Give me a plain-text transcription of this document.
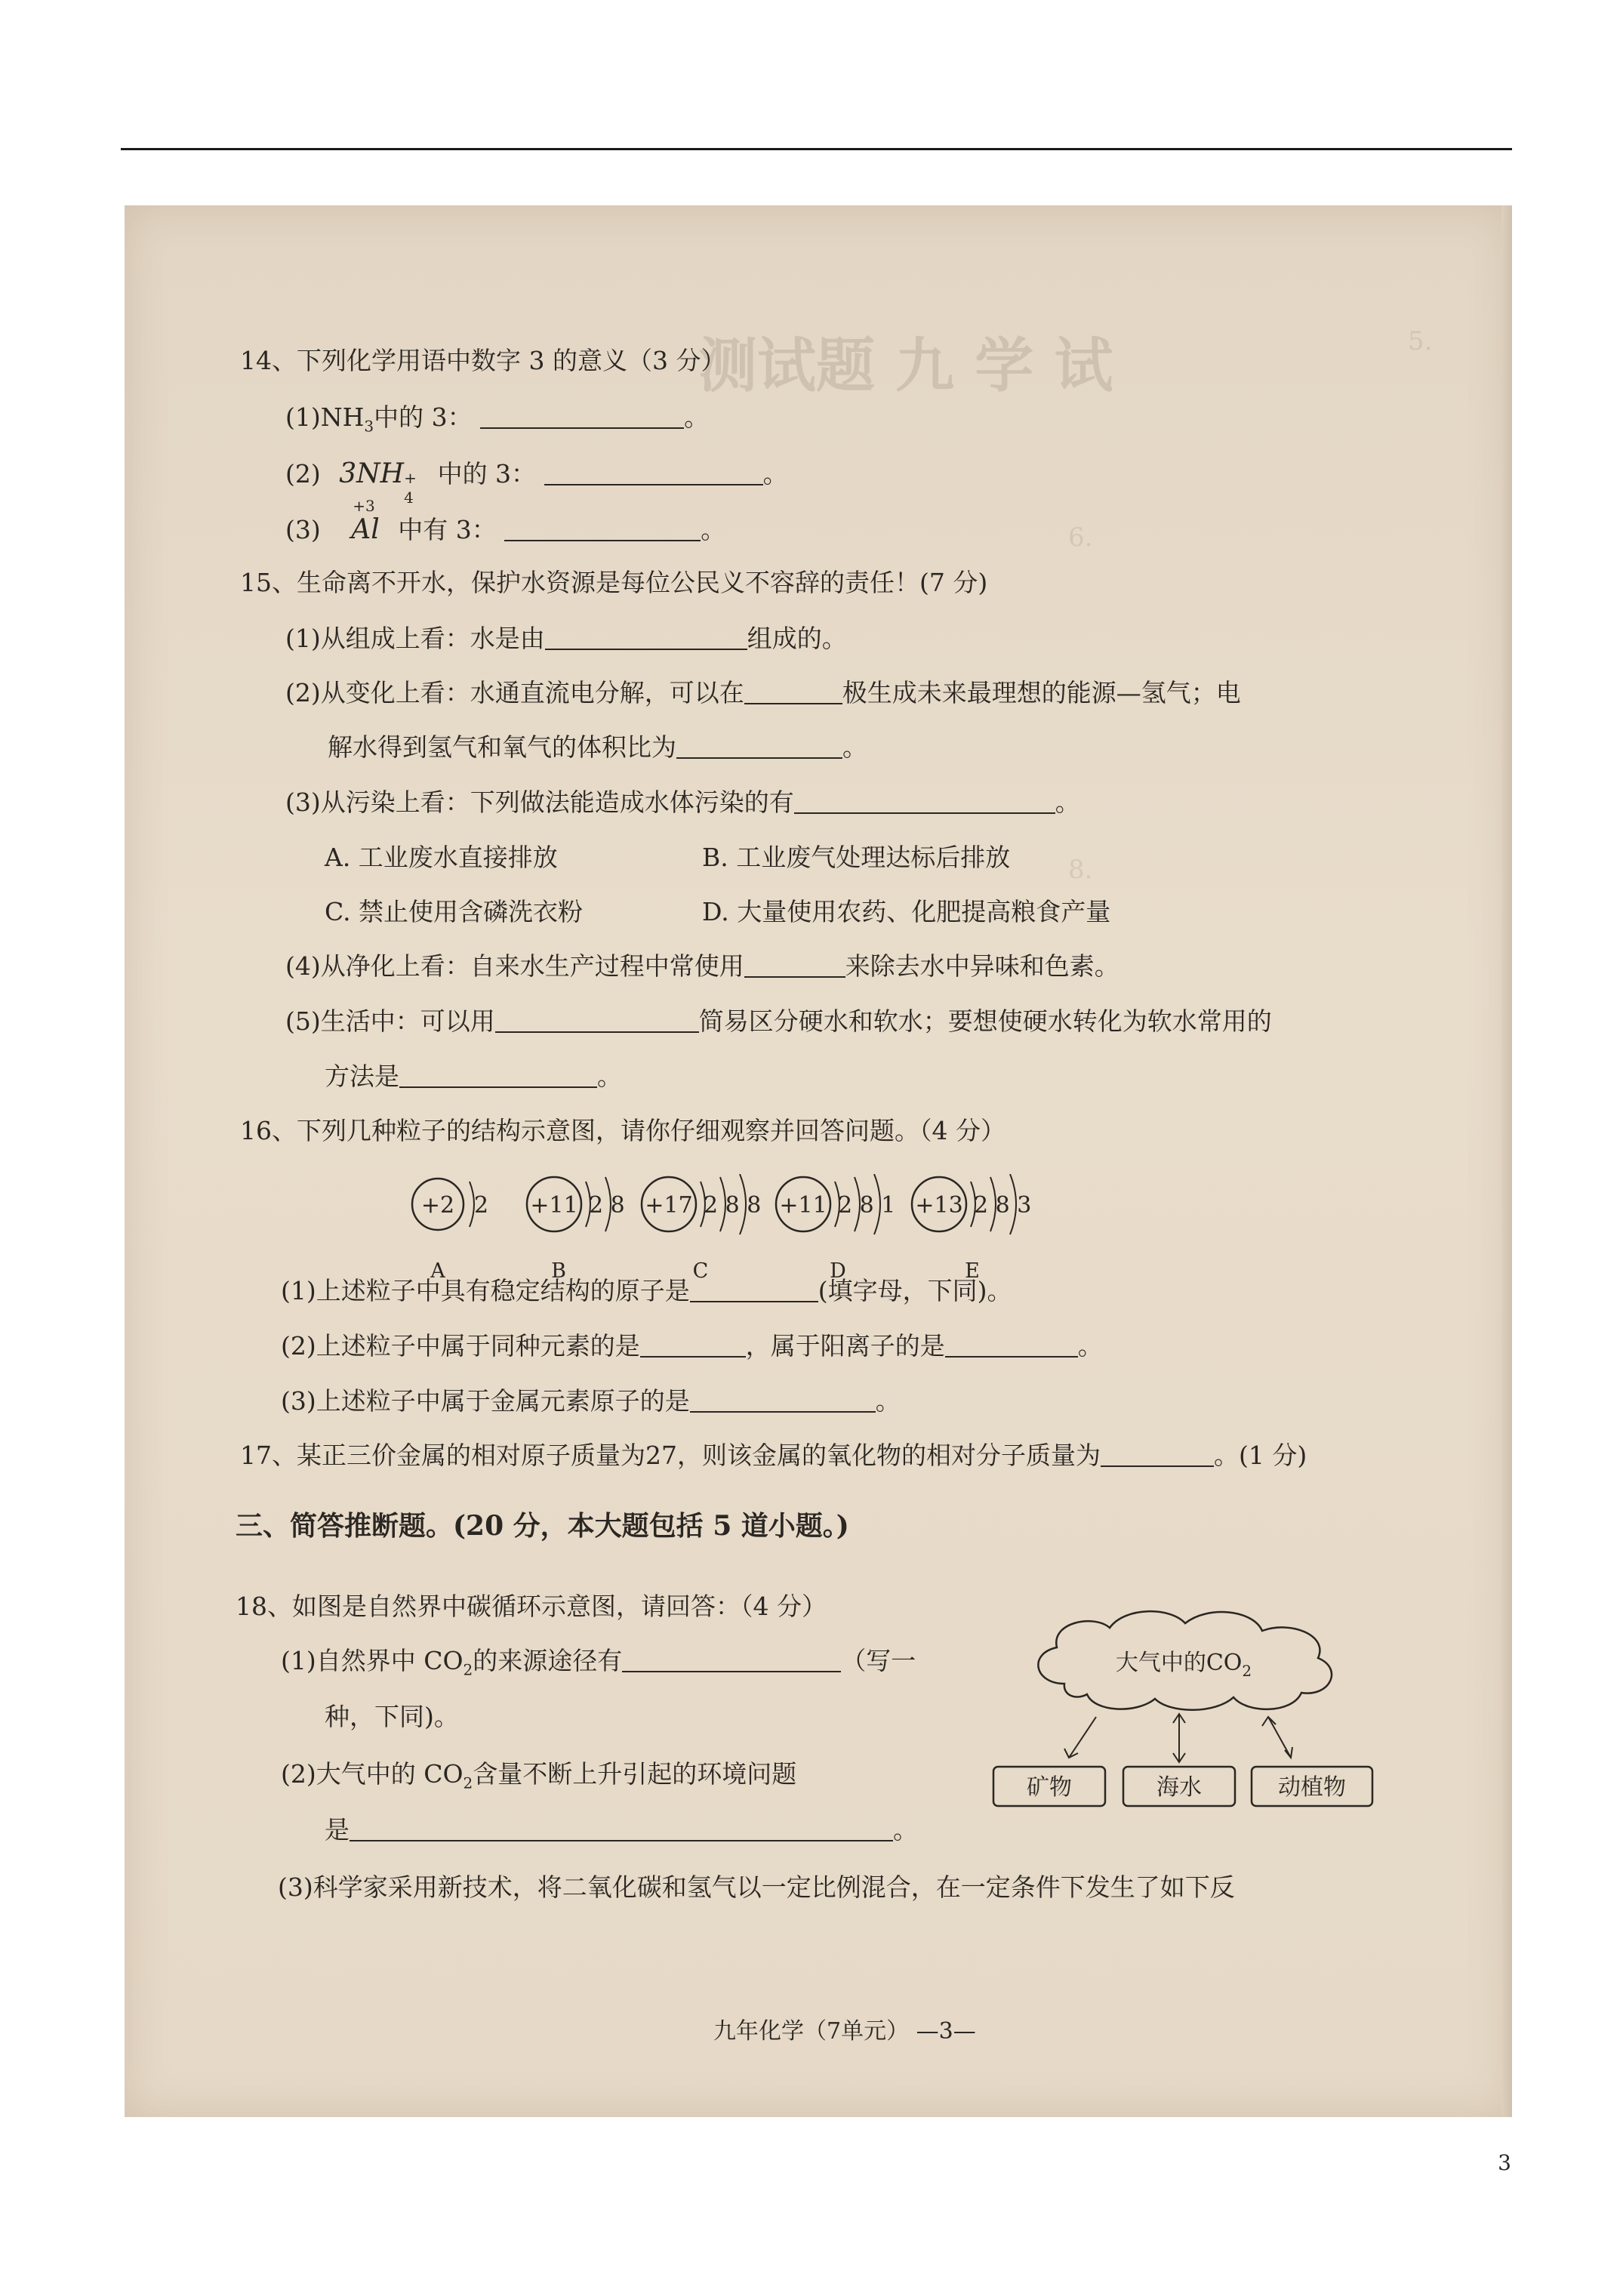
测试题 九 学 试	5.
6.
8.
14、下列化学用语中数字 3 的意义（3 分）
$(1)NH_3$中的 3：	。
(2) 3NH +
4
中的 3：	。
(3)
+3
Al 中有 3：	。
15、生命离不开水，保护水资源是每位公民义不容辞的责任！(7 分)
(1)从组成上看：水是由	组成的。
(2)从变化上看：水通直流电分解，可以在	极生成未来最理想的能源—氢气；电
解水得到氢气和氧气的体积比为	。
(3)从污染上看：下列做法能造成水体污染的有	。
A. 工业废水直接排放	B. 工业废气处理达标后排放
C. 禁止使用含磷洗衣粉	D. 大量使用农药、化肥提高粮食产量
(4)从净化上看：自来水生产过程中常使用	来除去水中异味和色素。
(5)生活中：可以用	简易区分硬水和软水；要想使硬水转化为软水常用的
方法是	。
16、下列几种粒子的结构示意图，请你仔细观察并回答问题。（4 分）
+2 2 +11 2 8 +17 2 8 8 +11 2 8 1 +13 2 8 3
A	B	C	D	E
(1)上述粒子中具有稳定结构的原子是	(填字母，下同)。
(2)上述粒子中属于同种元素的是	，属于阳离子的是	。
(3)上述粒子中属于金属元素原子的是	。
17、某正三价金属的相对原子质量为27，则该金属的氧化物的相对分子质量为	。(1 分)
三、简答推断题。(20 分，本大题包括 5 道小题。)
18、如图是自然界中碳循环示意图，请回答：（4 分）
(1)自然界中 $CO_2$的来源途径有	（写一
种，下同)。
(2)大气中的 $CO_2$含量不断上升引起的环境问题
是	。
(3)科学家采用新技术，将二氧化碳和氢气以一定比例混合，在一定条件下发生了如下反
大气中的$CO_2$
矿物	海水	动植物
九年化学（7单元） —3—
3
